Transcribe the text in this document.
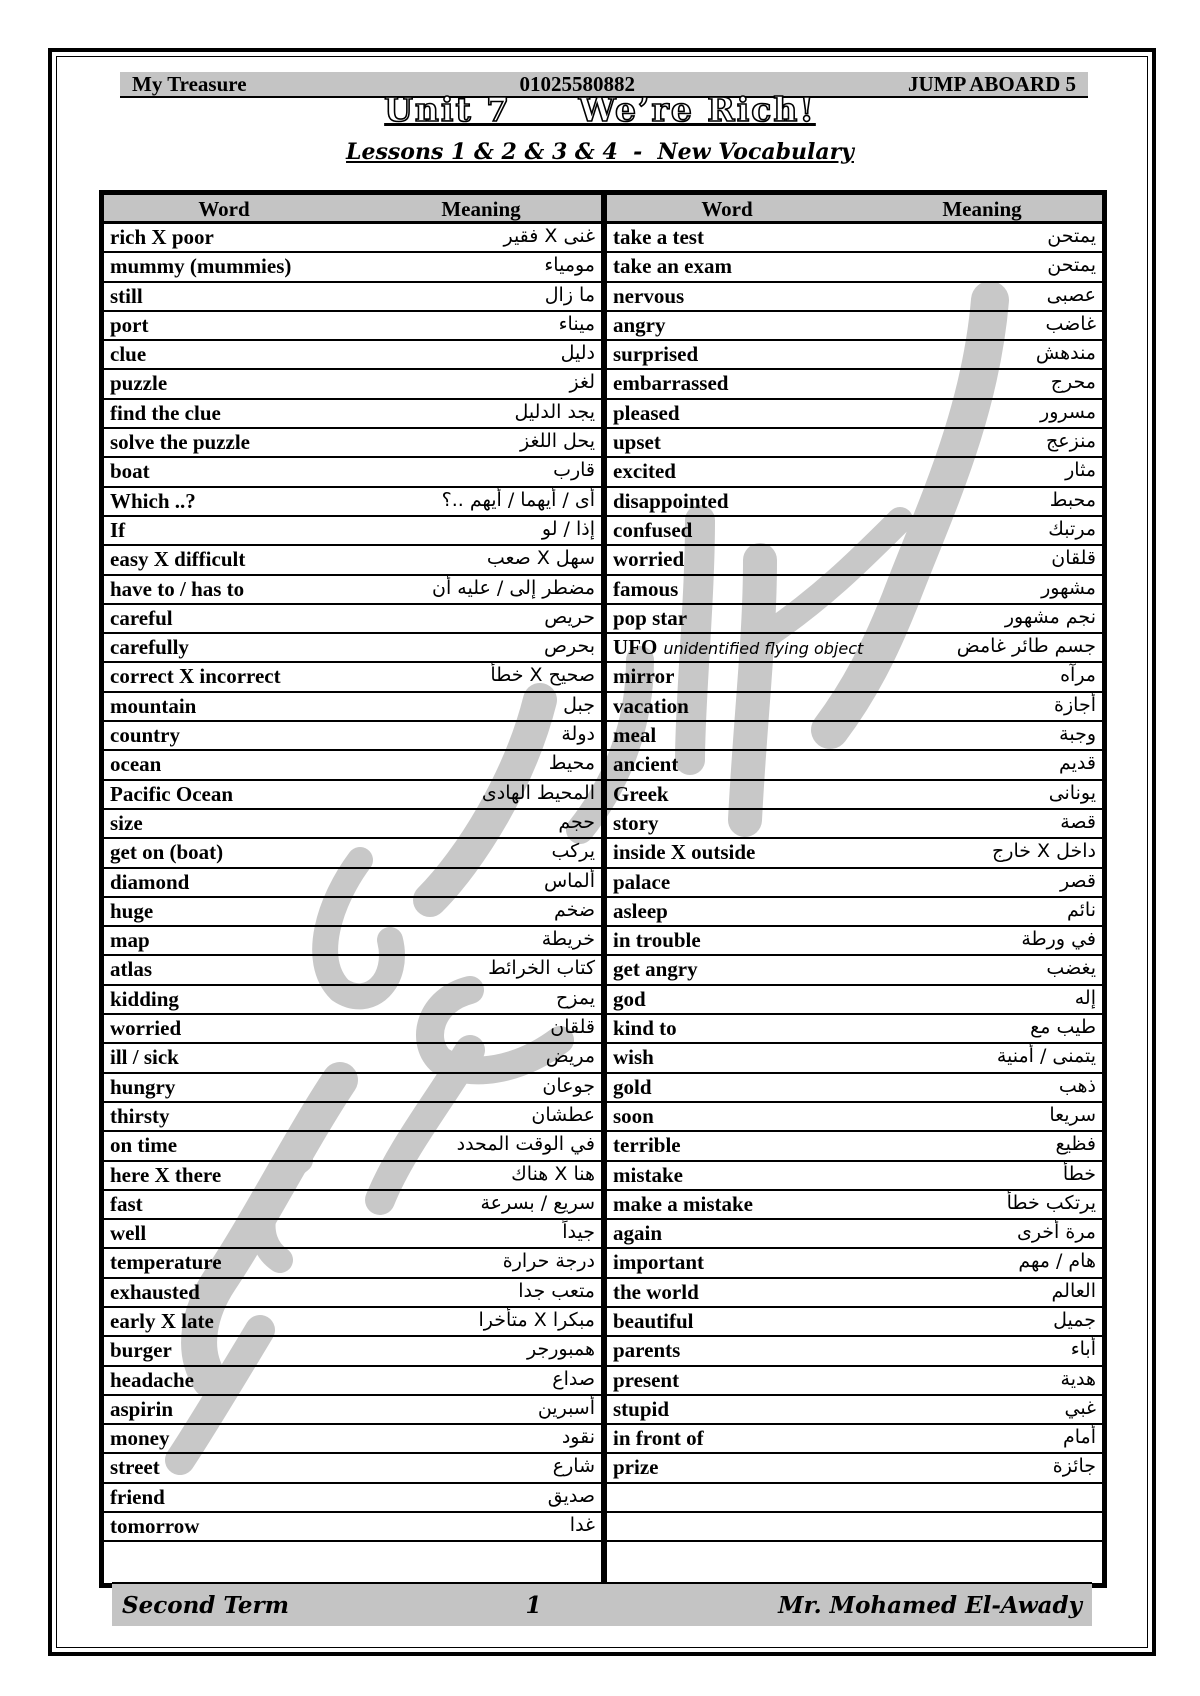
My Treasure	01025580882	JUMP ABOARD 5
Unit 7     We’re Rich!
Lessons 1 & 2 & 3 & 4  -  New Vocabulary
Word	Meaning
rich X poor	غنى X فقير
mummy (mummies)	مومياء
still	ما زال
port	ميناء
clue	دليل
puzzle	لغز
find the clue	يجد الدليل
solve the puzzle	يحل اللغز
boat	قارب
Which ..?	أى / أيهما / أيهم ..؟
If	إذا / لو
easy X difficult	سهل X صعب
have to / has to	مضطر إلى / عليه أن
careful	حريص
carefully	بحرص
correct X incorrect	صحيح X خطأ
mountain	جبل
country	دولة
ocean	محيط
Pacific Ocean	المحيط الهادى
size	حجم
get on (boat)	يركب
diamond	ألماس
huge	ضخم
map	خريطة
atlas	كتاب الخرائط
kidding	يمزح
worried	قلقان
ill / sick	مريض
hungry	جوعان
thirsty	عطشان
on time	في الوقت المحدد
here X there	هنا X هناك
fast	سريع / بسرعة
well	جيداً
temperature	درجة حرارة
exhausted	متعب جدا
early X late	مبكرا X متأخرا
burger	همبورجر
headache	صداع
aspirin	أسبرين
money	نقود
street	شارع
friend	صديق
tomorrow	غدا
Word	Meaning
take a test	يمتحن
take an exam	يمتحن
nervous	عصبى
angry	غاضب
surprised	مندهش
embarrassed	محرج
pleased	مسرور
upset	منزعج
excited	مثار
disappointed	محبط
confused	مرتبك
worried	قلقان
famous	مشهور
pop star	نجم مشهور
UFO unidentified flying object	جسم طائر غامض
mirror	مرآه
vacation	أجازة
meal	وجبة
ancient	قديم
Greek	يونانى
story	قصة
inside X outside	داخل X خارج
palace	قصر
asleep	نائم
in trouble	في ورطة
get angry	يغضب
god	إله
kind to	طيب مع
wish	يتمنى / أمنية
gold	ذهب
soon	سريعا
terrible	فظيع
mistake	خطأ
make a mistake	يرتكب خطأ
again	مرة أخرى
important	هام / مهم
the world	العالم
beautiful	جميل
parents	أباء
present	هدية
stupid	غبي
in front of	أمام
prize	جائزة
Second Term	1	Mr. Mohamed El-Awady
